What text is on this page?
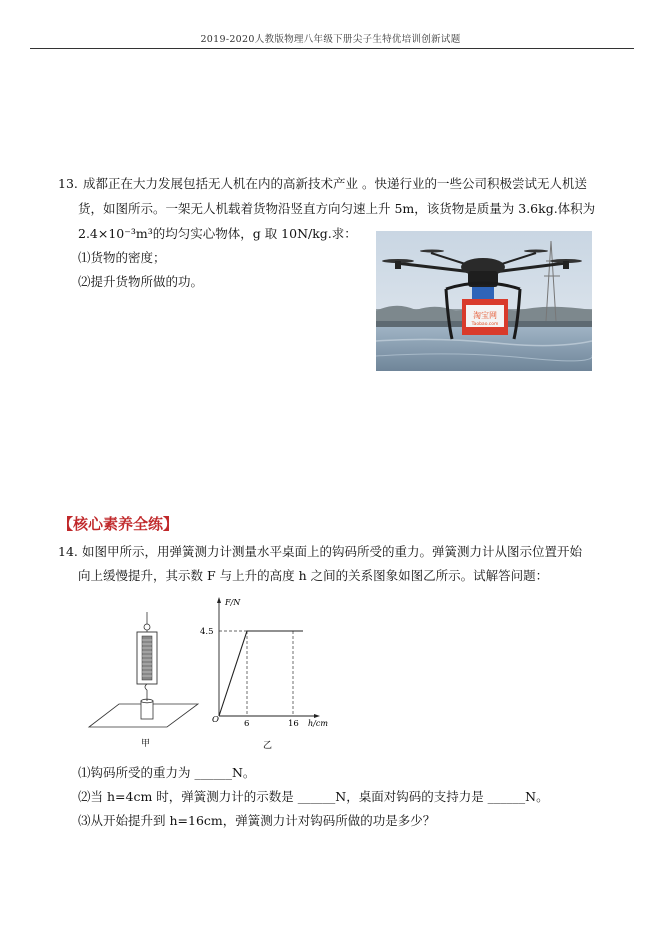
2019-2020人教版物理八年级下册尖子生特优培训创新试题
13. 成都正在大力发展包括无人机在内的高新技术产业 。快递行业的一些公司积极尝试无人机送
货，如图所示。一架无人机载着货物沿竖直方向匀速上升 5m，该货物是质量为 3.6kg.体积为
2.4×10⁻³m³的均匀实心物体，g 取 10N/kg.求：
⑴货物的密度；
⑵提升货物所做的功。
淘宝网
Taobao.com
【核心素养全练】
14. 如图甲所示，用弹簧测力计测量水平桌面上的钩码所受的重力。弹簧测力计从图示位置开始
向上缓慢提升，其示数 F 与上升的高度 h 之间的关系图象如图乙所示。试解答问题：
F/N
4.5
O	6	16 h/cm
甲	乙
⑴钩码所受的重力为 ______N。
⑵当 h=4cm 时，弹簧测力计的示数是 ______N，桌面对钩码的支持力是 ______N。
⑶从开始提升到 h=16cm，弹簧测力计对钩码所做的功是多少？
